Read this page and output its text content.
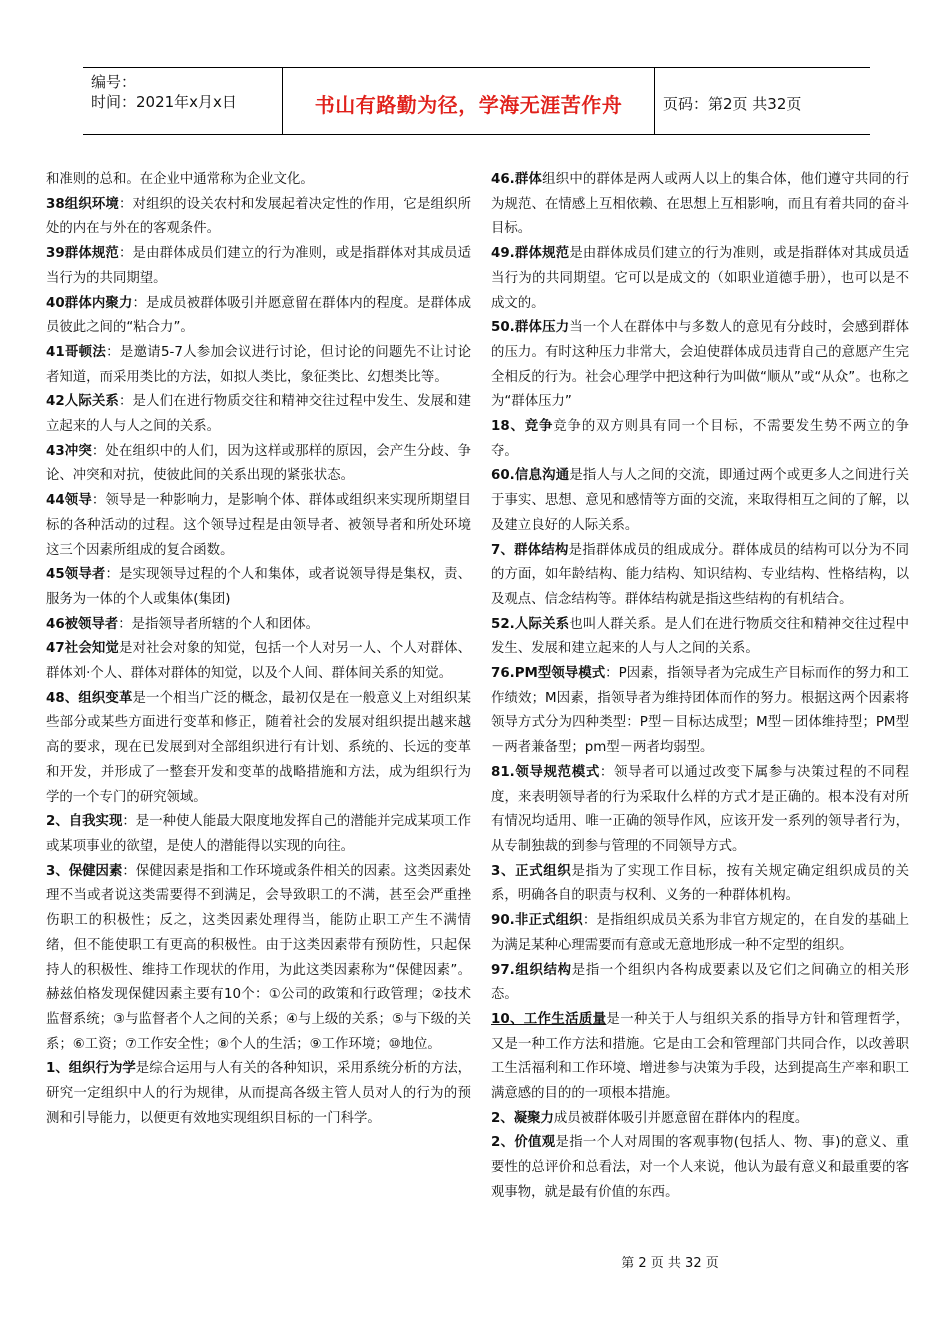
编号：
时间：2021年x月x日	书山有路勤为径，学海无涯苦作舟	页码：第2页 共32页

和准则的总和。在企业中通常称为企业文化。

38组织环境：对组织的设关农村和发展起着决定性的作用，它是组织所处的内在与外在的客观条件。

39群体规范：是由群体成员们建立的行为准则，或是指群体对其成员适当行为的共同期望。

40群体内聚力：是成员被群体吸引并愿意留在群体内的程度。是群体成员彼此之间的“粘合力”。

41哥顿法：是邀请5-7人参加会议进行讨论，但讨论的问题先不让讨论者知道，而采用类比的方法，如拟人类比，象征类比、幻想类比等。

42人际关系：是人们在进行物质交往和精神交往过程中发生、发展和建立起来的人与人之间的关系。

43冲突：处在组织中的人们，因为这样或那样的原因，会产生分歧、争论、冲突和对抗，使彼此间的关系出现的紧张状态。

44领导：领导是一种影响力，是影响个体、群体或组织来实现所期望目标的各种活动的过程。这个领导过程是由领导者、被领导者和所处环境这三个因素所组成的复合函数。

45领导者：是实现领导过程的个人和集体，或者说领导得是集权，责、服务为一体的个人或集体(集团)

46被领导者：是指领导者所辖的个人和团体。

47社会知觉是对社会对象的知觉，包括一个人对另一人、个人对群体、群体刘·个人、群体对群体的知觉，以及个人间、群体间关系的知觉。

48、组织变革是一个相当广泛的概念，最初仅是在一般意义上对组织某些部分或某些方面进行变革和修正，随着社会的发展对组织提出越来越高的要求，现在已发展到对全部组织进行有计划、系统的、长远的变革和开发，并形成了一整套开发和变革的战略措施和方法，成为组织行为学的一个专门的研究领域。

2、自我实现：是一种使人能最大限度地发挥自己的潜能并完成某项工作或某项事业的欲望，是使人的潜能得以实现的向往。

3、保健因素：保健因素是指和工作环境或条件相关的因素。这类因素处理不当或者说这类需要得不到满足，会导致职工的不满，甚至会严重挫伤职工的积极性；反之，这类因素处理得当，能防止职工产生不满情绪，但不能使职工有更高的积极性。由于这类因素带有预防性，只起保持人的积极性、维持工作现状的作用，为此这类因素称为“保健因素”。赫兹伯格发现保健因素主要有10个：①公司的政策和行政管理；②技术监督系统；③与监督者个人之间的关系；④与上级的关系；⑤与下级的关系；⑥工资；⑦工作安全性；⑧个人的生活；⑨工作环境；⑩地位。

1、组织行为学是综合运用与人有关的各种知识，采用系统分析的方法，研究一定组织中人的行为规律，从而提高各级主管人员对人的行为的预测和引导能力，以便更有效地实现组织目标的一门科学。

46.群体组织中的群体是两人或两人以上的集合体，他们遵守共同的行为规范、在情感上互相依赖、在思想上互相影响，而且有着共同的奋斗目标。

49.群体规范是由群体成员们建立的行为准则，或是指群体对其成员适当行为的共同期望。它可以是成文的（如职业道德手册），也可以是不成文的。

50.群体压力当一个人在群体中与多数人的意见有分歧时，会感到群体的压力。有时这种压力非常大，会迫使群体成员违背自己的意愿产生完全相反的行为。社会心理学中把这种行为叫做“顺从”或“从众”。也称之为“群体压力”

18、竞争竞争的双方则具有同一个目标，不需要发生势不两立的争夺。

60.信息沟通是指人与人之间的交流，即通过两个或更多人之间进行关于事实、思想、意见和感情等方面的交流，来取得相互之间的了解，以及建立良好的人际关系。

7、群体结构是指群体成员的组成成分。群体成员的结构可以分为不同的方面，如年龄结构、能力结构、知识结构、专业结构、性格结构，以及观点、信念结构等。群体结构就是指这些结构的有机结合。

52.人际关系也叫人群关系。是人们在进行物质交往和精神交往过程中发生、发展和建立起来的人与人之间的关系。

76.PM型领导模式：P因素，指领导者为完成生产目标而作的努力和工作绩效；M因素，指领导者为维持团体而作的努力。根据这两个因素将领导方式分为四种类型：P型－目标达成型；M型－团体维持型；PM型－两者兼备型；pm型－两者均弱型。

81.领导规范模式：领导者可以通过改变下属参与决策过程的不同程度，来表明领导者的行为采取什么样的方式才是正确的。根本没有对所有情况均适用、唯一正确的领导作风，应该开发一系列的领导者行为，从专制独裁的到参与管理的不同领导方式。

3、正式组织是指为了实现工作目标，按有关规定确定组织成员的关系，明确各自的职责与权利、义务的一种群体机构。

90.非正式组织：是指组织成员关系为非官方规定的，在自发的基础上为满足某种心理需要而有意或无意地形成一种不定型的组织。

97.组织结构是指一个组织内各构成要素以及它们之间确立的相关形态。

10、工作生活质量是一种关于人与组织关系的指导方针和管理哲学，又是一种工作方法和措施。它是由工会和管理部门共同合作，以改善职工生活福利和工作环境、增进参与决策为手段，达到提高生产率和职工满意感的目的的一项根本措施。

2、凝聚力成员被群体吸引并愿意留在群体内的程度。

2、价值观是指一个人对周围的客观事物(包括人、物、事)的意义、重要性的总评价和总看法，对一个人来说，他认为最有意义和最重要的客观事物，就是最有价值的东西。

第 2 页 共 32 页
